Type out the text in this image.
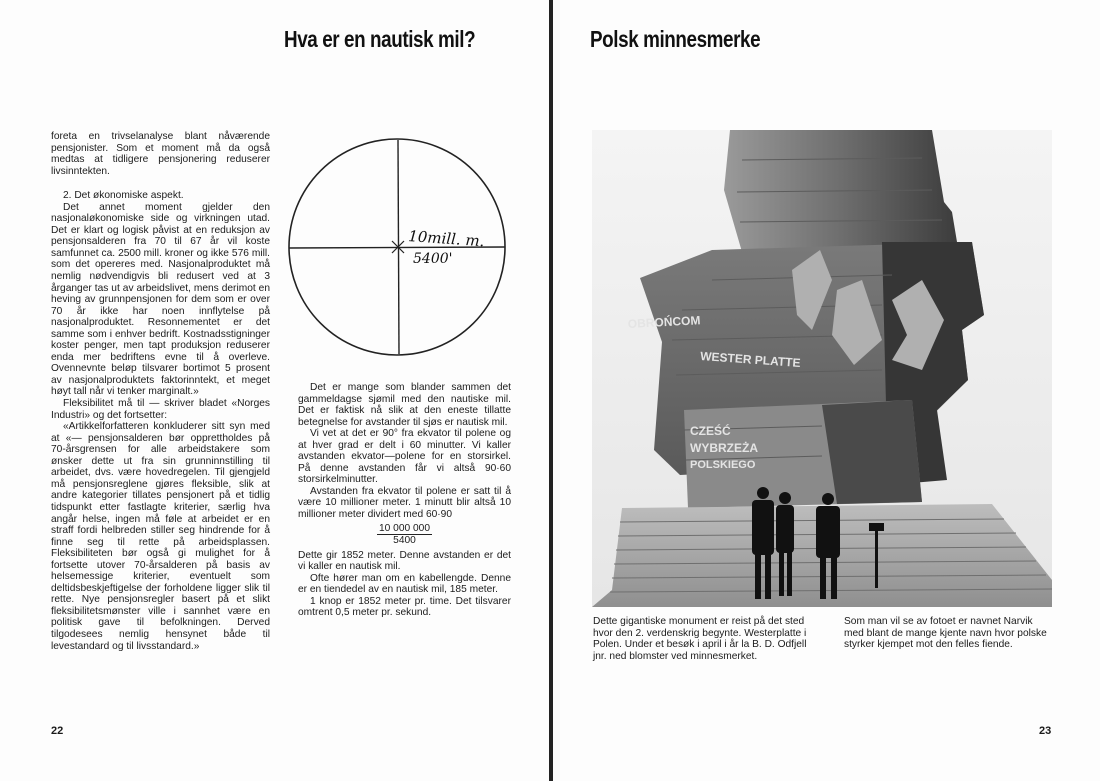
Hva er en nautisk mil?

foreta en trivselanalyse blant nåværende pensjonister. Som et moment må da også medtas at tidligere pensjonering reduserer livsinntekten.

2. Det økonomiske aspekt.

Det annet moment gjelder den nasjonaløkonomiske side og virkningen utad. Det er klart og logisk påvist at en reduksjon av pensjonsalderen fra 70 til 67 år vil koste samfunnet ca. 2500 mill. kroner og ikke 576 mill. som det opereres med. Nasjonalproduktet må nemlig nødvendigvis bli redusert ved at 3 årganger tas ut av arbeidslivet, mens derimot en heving av grunnpensjonen for dem som er over 70 år ikke har noen innflytelse på nasjonalproduktet. Resonnementet er det samme som i enhver bedrift. Kostnadsstigninger koster penger, men tapt produksjon reduserer enda mer bedriftens evne til å overleve. Ovennevnte beløp tilsvarer bortimot 5 prosent av nasjonalproduktets faktorinntekt, et meget høyt tall når vi tenker marginalt.»

Fleksibilitet må til — skriver bladet «Norges Industri» og det fortsetter:

«Artikkelforfatteren konkluderer sitt syn med at «— pensjonsalderen bør opprettholdes på 70-årsgrensen for alle arbeidstakere som ønsker dette ut fra sin grunninnstilling til arbeidet, dvs. være hovedregelen. Til gjengjeld må pensjonsreglene gjøres fleksible, slik at andre kategorier tillates pensjonert på et tidlig tidspunkt etter fastlagte kriterier, særlig hva angår helse, ingen må føle at arbeidet er en straff fordi helbreden stiller seg hindrende for å finne seg til rette på arbeidsplassen. Fleksibiliteten bør også gi mulighet for å fortsette utover 70-årsalderen på basis av helsemessige kriterier, eventuelt som deltidsbeskjeftigelse der forholdene ligger slik til rette. Nye pensjonsregler basert på et slikt fleksibilitetsmønster ville i sannhet være en politisk gave til befolkningen. Derved tilgodesees nemlig hensynet både til levestandard og til livsstandard.»

10mill. m.
5400'

Det er mange som blander sammen det gammeldagse sjømil med den nautiske mil. Det er faktisk nå slik at den eneste tillatte betegnelse for avstander til sjøs er nautisk mil.

Vi vet at det er 90° fra ekvator til polene og at hver grad er delt i 60 minutter. Vi kaller avstanden ekvator—polene for en storsirkel. På denne avstanden får vi altså 90·60 storsirkelminutter.

Avstanden fra ekvator til polene er satt til å være 10 millioner meter. 1 minutt blir altså 10 millioner meter dividert med 60·90

10 000 000
5400

Dette gir 1852 meter. Denne avstanden er det vi kaller en nautisk mil.

Ofte hører man om en kabellengde. Denne er en tiendedel av en nautisk mil, 185 meter.

1 knop er 1852 meter pr. time. Det tilsvarer omtrent 0,5 meter pr. sekund.

22
Polsk minnesmerke
OBROŃCOM
WESTER PLATTE
CZEŚĆ
WYBRZEŻA
POLSKIEGO
Dette gigantiske monument er reist på det sted hvor den 2. verdenskrig begynte. Westerplatte i Polen. Under et besøk i april i år la B. D. Odfjell jnr. ned blomster ved minnesmerket.
Som man vil se av fotoet er navnet Narvik med blant de mange kjente navn hvor polske styrker kjempet mot den felles fiende.
23
